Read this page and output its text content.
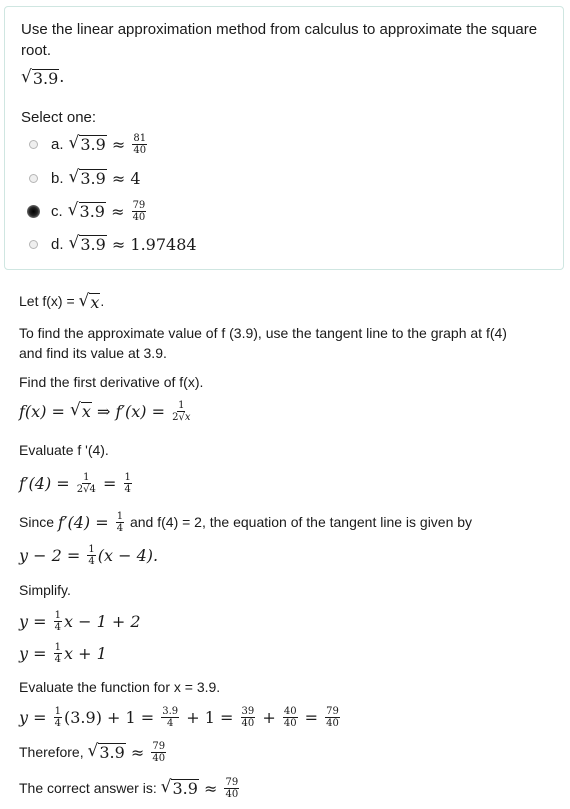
Use the linear approximation method from calculus to approximate the square root.
√ 3.9 .
Select one:
a. √ $3.9 \approx \frac{81}{40}$
b. √ 3.9 ≈ 4
c. √ $3.9 \approx \frac{79}{40}$
d. √ 3.9 ≈ 1.97484
Let f(x) = √ x .
To find the approximate value of f (3.9), use the tangent line to the graph at f(4)
and find its value at 3.9.
Find the first derivative of f(x).
f(x) = √ x ⇒ $f'(x) = \frac{1}{2√x}$
Evaluate f '(4).
$f'(4) = \frac{1}{2√4} = \frac{1}{4}$
Since $f'(4) = \frac{1}{4}$ and f(4) = 2, the equation of the tangent line is given by
$y - 2 = \frac{1}{4} (x - 4)$.
Simplify.
$y = \frac{1}{4}$ x − 1 + 2
$y = \frac{1}{4}$ x + 1
Evaluate the function for x = 3.9.
$y = \frac{1}{4} (3.9) + 1 = \frac{3.9}{4} + 1 = \frac{39}{40} + \frac{40}{40} = \frac{79}{40}$
Therefore, √ $3.9 \approx \frac{79}{40}$
The correct answer is: √ $3.9 \approx \frac{79}{40}$
